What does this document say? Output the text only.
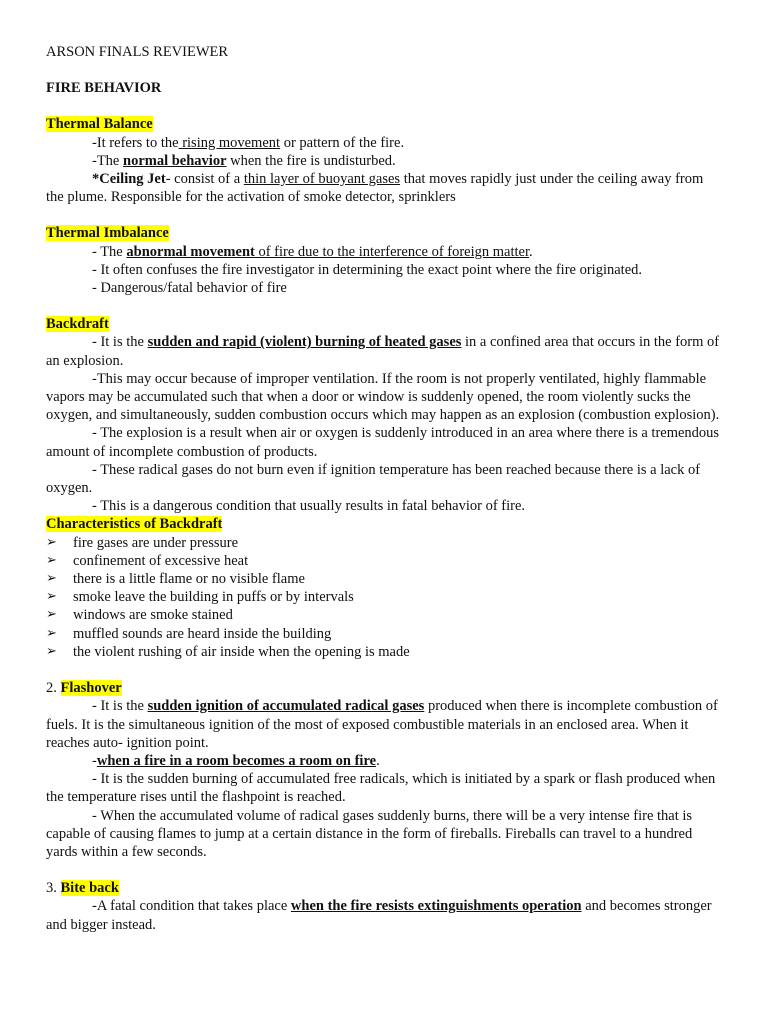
ARSON FINALS REVIEWER

FIRE BEHAVIOR

Thermal Balance

-It refers to the rising movement or pattern of the fire.

-The normal behavior when the fire is undisturbed.

*Ceiling Jet- consist of a thin layer of buoyant gases that moves rapidly just under the ceiling away from the plume. Responsible for the activation of smoke detector, sprinklers

Thermal Imbalance

- The abnormal movement of fire due to the interference of foreign matter.

- It often confuses the fire investigator in determining the exact point where the fire originated.

- Dangerous/fatal behavior of fire

Backdraft

- It is the sudden and rapid (violent) burning of heated gases in a confined area that occurs in the form of an explosion.

-This may occur because of improper ventilation. If the room is not properly ventilated, highly flammable vapors may be accumulated such that when a door or window is suddenly opened, the room violently sucks the oxygen, and simultaneously, sudden combustion occurs which may happen as an explosion (combustion explosion).

- The explosion is a result when air or oxygen is suddenly introduced in an area where there is a tremendous amount of incomplete combustion of products.

- These radical gases do not burn even if ignition temperature has been reached because there is a lack of oxygen.

- This is a dangerous condition that usually results in fatal behavior of fire.

Characteristics of Backdraft

➢ fire gases are under pressure
➢ confinement of excessive heat
➢ there is a little flame or no visible flame
➢ smoke leave the building in puffs or by intervals
➢ windows are smoke stained
➢ muffled sounds are heard inside the building
➢ the violent rushing of air inside when the opening is made

2. Flashover

- It is the sudden ignition of accumulated radical gases produced when there is incomplete combustion of fuels. It is the simultaneous ignition of the most of exposed combustible materials in an enclosed area. When it reaches auto- ignition point.

-when a fire in a room becomes a room on fire.

- It is the sudden burning of accumulated free radicals, which is initiated by a spark or flash produced when the temperature rises until the flashpoint is reached.

- When the accumulated volume of radical gases suddenly burns, there will be a very intense fire that is capable of causing flames to jump at a certain distance in the form of fireballs. Fireballs can travel to a hundred yards within a few seconds.

3. Bite back

-A fatal condition that takes place when the fire resists extinguishments operation and becomes stronger and bigger instead.
